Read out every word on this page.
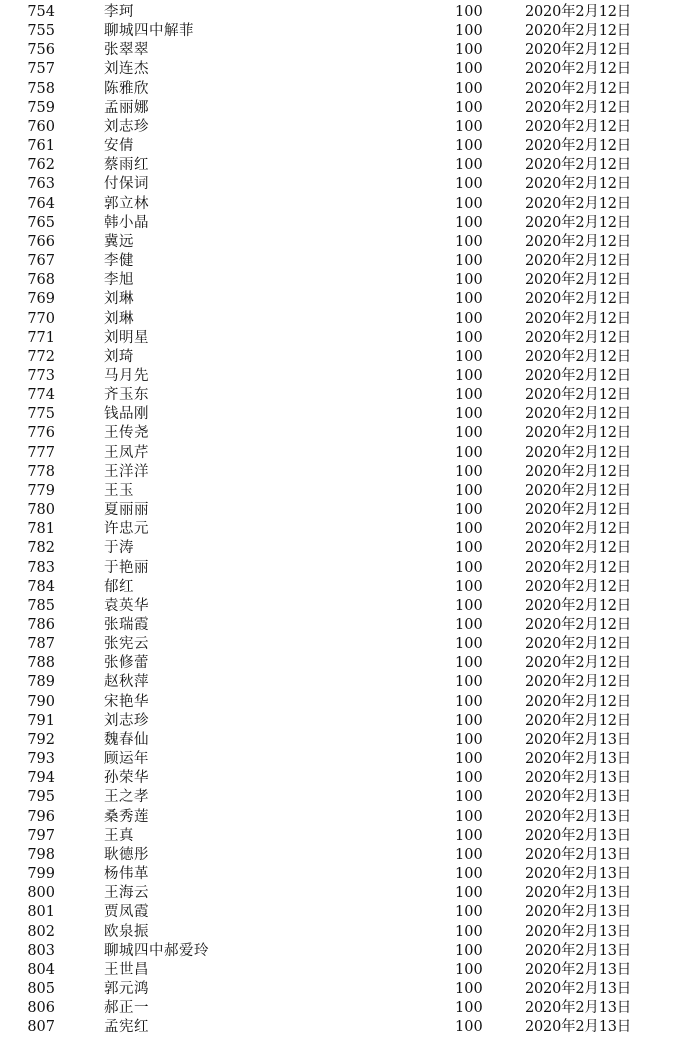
754	李珂	100	2020年2月12日
755	聊城四中解菲	100	2020年2月12日
756	张翠翠	100	2020年2月12日
757	刘连杰	100	2020年2月12日
758	陈雅欣	100	2020年2月12日
759	孟丽娜	100	2020年2月12日
760	刘志珍	100	2020年2月12日
761	安倩	100	2020年2月12日
762	蔡雨红	100	2020年2月12日
763	付保词	100	2020年2月12日
764	郭立林	100	2020年2月12日
765	韩小晶	100	2020年2月12日
766	冀远	100	2020年2月12日
767	李健	100	2020年2月12日
768	李旭	100	2020年2月12日
769	刘琳	100	2020年2月12日
770	刘琳	100	2020年2月12日
771	刘明星	100	2020年2月12日
772	刘琦	100	2020年2月12日
773	马月先	100	2020年2月12日
774	齐玉东	100	2020年2月12日
775	钱品刚	100	2020年2月12日
776	王传尧	100	2020年2月12日
777	王凤芹	100	2020年2月12日
778	王洋洋	100	2020年2月12日
779	王玉	100	2020年2月12日
780	夏丽丽	100	2020年2月12日
781	许忠元	100	2020年2月12日
782	于涛	100	2020年2月12日
783	于艳丽	100	2020年2月12日
784	郁红	100	2020年2月12日
785	袁英华	100	2020年2月12日
786	张瑞霞	100	2020年2月12日
787	张宪云	100	2020年2月12日
788	张修蕾	100	2020年2月12日
789	赵秋萍	100	2020年2月12日
790	宋艳华	100	2020年2月12日
791	刘志珍	100	2020年2月12日
792	魏春仙	100	2020年2月13日
793	顾运年	100	2020年2月13日
794	孙荣华	100	2020年2月13日
795	王之孝	100	2020年2月13日
796	桑秀莲	100	2020年2月13日
797	王真	100	2020年2月13日
798	耿德彤	100	2020年2月13日
799	杨伟革	100	2020年2月13日
800	王海云	100	2020年2月13日
801	贾凤霞	100	2020年2月13日
802	欧泉振	100	2020年2月13日
803	聊城四中郝爱玲	100	2020年2月13日
804	王世昌	100	2020年2月13日
805	郭元鸿	100	2020年2月13日
806	郝正一	100	2020年2月13日
807	孟宪红	100	2020年2月13日
